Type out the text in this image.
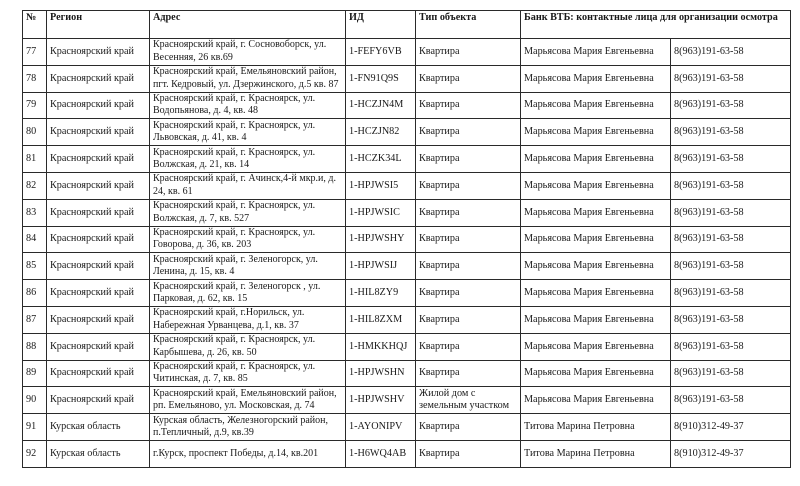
№	Регион	Адрес	ИД	Тип объекта	Банк ВТБ: контактные лица для организации осмотра	
77	Красноярский край	Красноярский край, г. Сосновоборск, ул. Весенняя, 26 кв.69	1-FEFY6VB	Квартира	Марьясова Мария Евгеньевна	8(963)191-63-58
78	Красноярский край	Красноярский край, Емельяновский район, пгт. Кедровый, ул. Дзержинского, д.5 кв. 87	1-FN91Q9S	Квартира	Марьясова Мария Евгеньевна	8(963)191-63-58
79	Красноярский край	Красноярский край, г. Красноярск, ул. Водопьянова, д. 4, кв. 48	1-HCZJN4M	Квартира	Марьясова Мария Евгеньевна	8(963)191-63-58
80	Красноярский край	Красноярский край, г. Красноярск, ул. Львовская, д. 41, кв. 4	1-HCZJN82	Квартира	Марьясова Мария Евгеньевна	8(963)191-63-58
81	Красноярский край	Красноярский край, г. Красноярск, ул. Волжская, д. 21, кв. 14	1-HCZK34L	Квартира	Марьясова Мария Евгеньевна	8(963)191-63-58
82	Красноярский край	Красноярский край, г. Ачинск,4-й мкр.и, д. 24, кв. 61	1-HPJWSI5	Квартира	Марьясова Мария Евгеньевна	8(963)191-63-58
83	Красноярский край	Красноярский край, г. Красноярск, ул. Волжская, д. 7, кв. 527	1-HPJWSIC	Квартира	Марьясова Мария Евгеньевна	8(963)191-63-58
84	Красноярский край	Красноярский край, г. Красноярск, ул. Говорова, д. 36, кв. 203	1-HPJWSHY	Квартира	Марьясова Мария Евгеньевна	8(963)191-63-58
85	Красноярский край	Красноярский край, г. Зеленогорск, ул. Ленина, д. 15, кв. 4	1-HPJWSIJ	Квартира	Марьясова Мария Евгеньевна	8(963)191-63-58
86	Красноярский край	Красноярский край, г. Зеленогорск , ул. Парковая, д. 62, кв. 15	1-HIL8ZY9	Квартира	Марьясова Мария Евгеньевна	8(963)191-63-58
87	Красноярский край	Красноярский край, г.Норильск, ул. Набережная Урванцева, д.1, кв. 37	1-HIL8ZXM	Квартира	Марьясова Мария Евгеньевна	8(963)191-63-58
88	Красноярский край	Красноярский край, г. Красноярск, ул. Карбышева, д. 26, кв. 50	1-HMKKHQJ	Квартира	Марьясова Мария Евгеньевна	8(963)191-63-58
89	Красноярский край	Красноярский край, г. Красноярск, ул. Читинская, д. 7, кв. 85	1-HPJWSHN	Квартира	Марьясова Мария Евгеньевна	8(963)191-63-58
90	Красноярский край	Красноярский край, Емельяновский район, рп. Емельяново, ул. Московская, д. 74	1-HPJWSHV	Жилой дом с земельным участком	Марьясова Мария Евгеньевна	8(963)191-63-58
91	Курская область	Курская область, Железногорский район, п.Тепличный, д.9, кв.39	1-AYONIPV	Квартира	Титова Марина Петровна	8(910)312-49-37
92	Курская область	г.Курск, проспект Победы, д.14, кв.201	1-H6WQ4AB	Квартира	Титова Марина Петровна	8(910)312-49-37
